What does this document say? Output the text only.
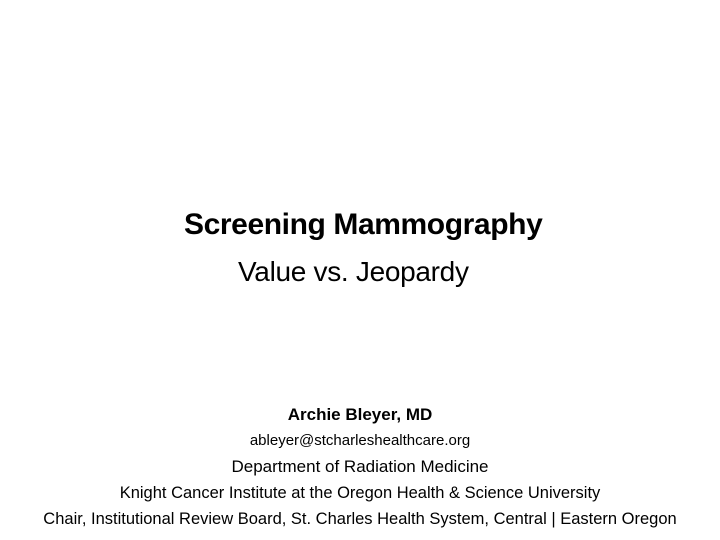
Screening Mammography
Value vs. Jeopardy
Archie Bleyer, MD
ableyer@stcharleshealthcare.org
Department of Radiation Medicine
Knight Cancer Institute at the Oregon Health & Science University
Chair, Institutional Review Board, St. Charles Health System, Central | Eastern Oregon
